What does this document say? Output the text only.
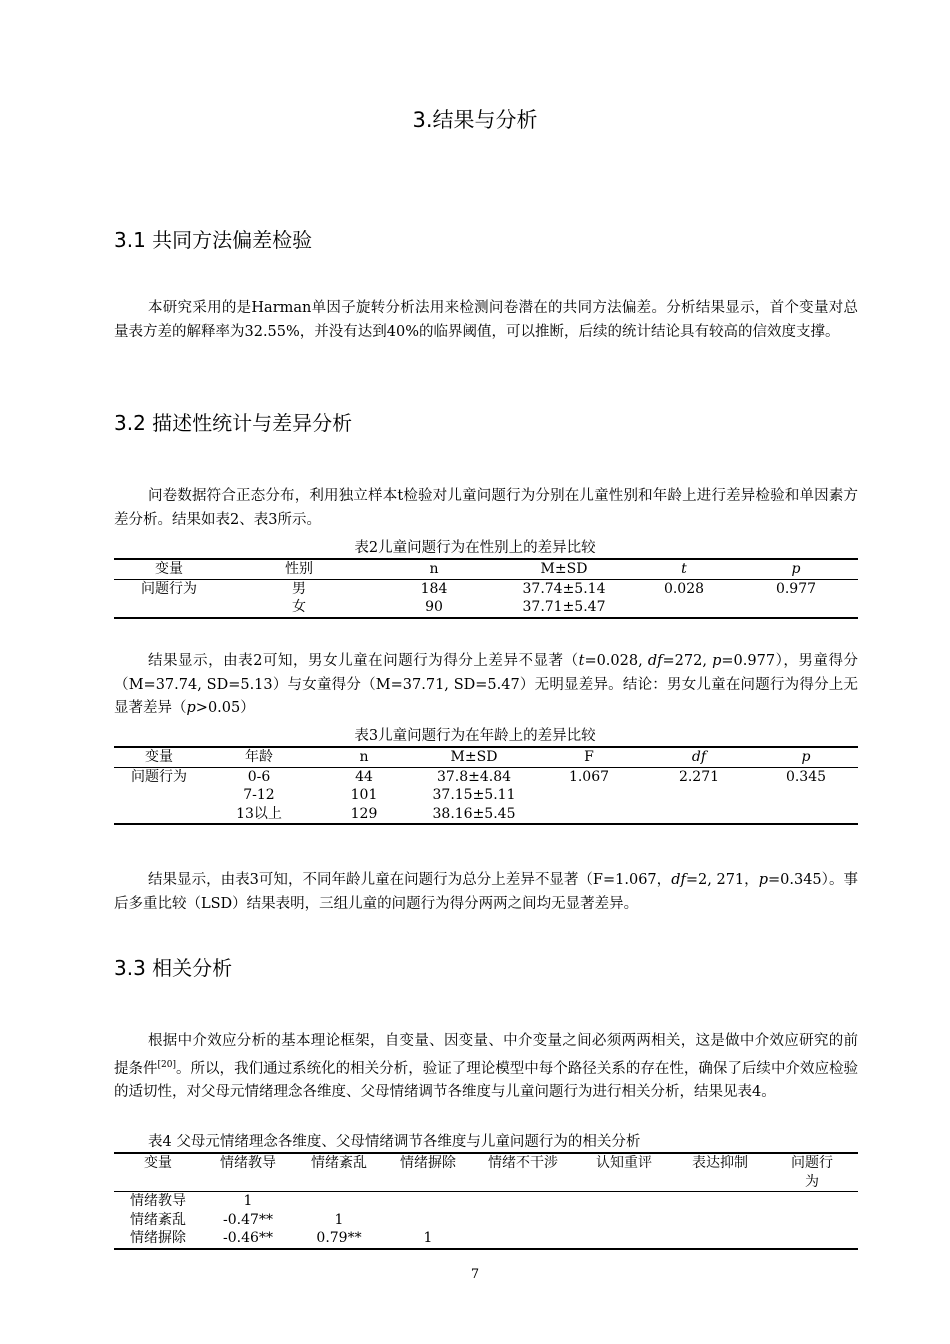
3.结果与分析
3.1 共同方法偏差检验

本研究采用的是Harman单因子旋转分析法用来检测问卷潜在的共同方法偏差。分析结果显示，首个变量对总量表方差的解释率为32.55%，并没有达到40%的临界阈值，可以推断，后续的统计结论具有较高的信效度支撑。

3.2 描述性统计与差异分析

问卷数据符合正态分布，利用独立样本t检验对儿童问题行为分别在儿童性别和年龄上进行差异检验和单因素方差分析。结果如表2、表3所示。

表2儿童问题行为在性别上的差异比较
变量	性别	n	M±SD	t	p
问题行为	男	184	37.74±5.14	0.028	0.977
	女	90	37.71±5.47		

结果显示，由表2可知，男女儿童在问题行为得分上差异不显著（t=0.028, df=272, p=0.977），男童得分（M=37.74, SD=5.13）与女童得分（M=37.71, SD=5.47）无明显差异。结论：男女儿童在问题行为得分上无显著差异（p>0.05）

表3儿童问题行为在年龄上的差异比较
变量	年龄	n	M±SD	F	df	p
问题行为	0-6	44	37.8±4.84	1.067	2.271	0.345
	7-12	101	37.15±5.11			
	13以上	129	38.16±5.45			

结果显示，由表3可知，不同年龄儿童在问题行为总分上差异不显著（F=1.067，df=2, 271，p=0.345）。事后多重比较（LSD）结果表明，三组儿童的问题行为得分两两之间均无显著差异。

3.3 相关分析

根据中介效应分析的基本理论框架，自变量、因变量、中介变量之间必须两两相关，这是做中介效应研究的前提条件[20]。所以，我们通过系统化的相关分析，验证了理论模型中每个路径关系的存在性，确保了后续中介效应检验的适切性，对父母元情绪理念各维度、父母情绪调节各维度与儿童问题行为进行相关分析，结果见表4。

表4 父母元情绪理念各维度、父母情绪调节各维度与儿童问题行为的相关分析
变量	情绪教导	情绪紊乱	情绪摒除	情绪不干涉	认知重评	表达抑制	问题行为
情绪教导	1						
情绪紊乱	-0.47**	1					
情绪摒除	-0.46**	0.79**	1				
7
